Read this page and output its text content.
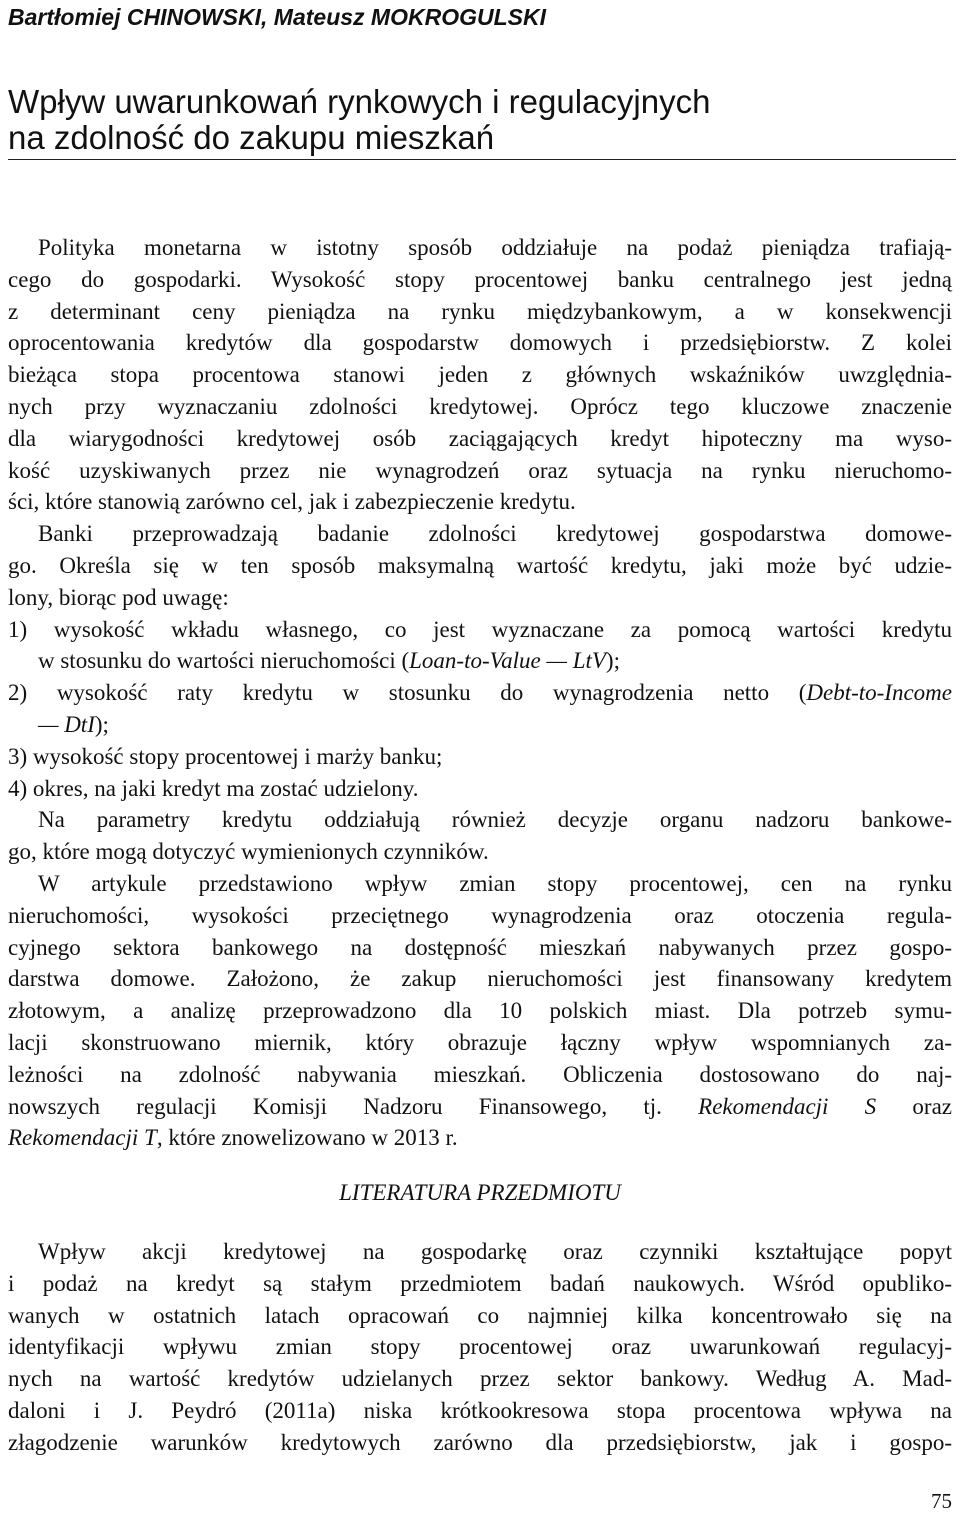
Bartłomiej CHINOWSKI, Mateusz MOKROGULSKI
Wpływ uwarunkowań rynkowych i regulacyjnych
na zdolność do zakupu mieszkań
Polityka monetarna w istotny sposób oddziałuje na podaż pieniądza trafiają-
cego do gospodarki. Wysokość stopy procentowej banku centralnego jest jedną
z determinant ceny pieniądza na rynku międzybankowym, a w konsekwencji
oprocentowania kredytów dla gospodarstw domowych i przedsiębiorstw. Z kolei
bieżąca stopa procentowa stanowi jeden z głównych wskaźników uwzględnia-
nych przy wyznaczaniu zdolności kredytowej. Oprócz tego kluczowe znaczenie
dla wiarygodności kredytowej osób zaciągających kredyt hipoteczny ma wyso-
kość uzyskiwanych przez nie wynagrodzeń oraz sytuacja na rynku nieruchomo-
ści, które stanowią zarówno cel, jak i zabezpieczenie kredytu.
Banki przeprowadzają badanie zdolności kredytowej gospodarstwa domowe-
go. Określa się w ten sposób maksymalną wartość kredytu, jaki może być udzie-
lony, biorąc pod uwagę:
1) wysokość wkładu własnego, co jest wyznaczane za pomocą wartości kredytu
w stosunku do wartości nieruchomości (Loan-to-Value — LtV);
2) wysokość raty kredytu w stosunku do wynagrodzenia netto (Debt-to-Income
— DtI);
3) wysokość stopy procentowej i marży banku;
4) okres, na jaki kredyt ma zostać udzielony.
Na parametry kredytu oddziałują również decyzje organu nadzoru bankowe-
go, które mogą dotyczyć wymienionych czynników.
W artykule przedstawiono wpływ zmian stopy procentowej, cen na rynku
nieruchomości, wysokości przeciętnego wynagrodzenia oraz otoczenia regula-
cyjnego sektora bankowego na dostępność mieszkań nabywanych przez gospo-
darstwa domowe. Założono, że zakup nieruchomości jest finansowany kredytem
złotowym, a analizę przeprowadzono dla 10 polskich miast. Dla potrzeb symu-
lacji skonstruowano miernik, który obrazuje łączny wpływ wspomnianych za-
leżności na zdolność nabywania mieszkań. Obliczenia dostosowano do naj-
nowszych regulacji Komisji Nadzoru Finansowego, tj. Rekomendacji S oraz
Rekomendacji T, które znowelizowano w 2013 r.
LITERATURA PRZEDMIOTU
Wpływ akcji kredytowej na gospodarkę oraz czynniki kształtujące popyt
i podaż na kredyt są stałym przedmiotem badań naukowych. Wśród opubliko-
wanych w ostatnich latach opracowań co najmniej kilka koncentrowało się na
identyfikacji wpływu zmian stopy procentowej oraz uwarunkowań regulacyj-
nych na wartość kredytów udzielanych przez sektor bankowy. Według A. Mad-
daloni i J. Peydró (2011a) niska krótkookresowa stopa procentowa wpływa na
złagodzenie warunków kredytowych zarówno dla przedsiębiorstw, jak i gospo-
75
